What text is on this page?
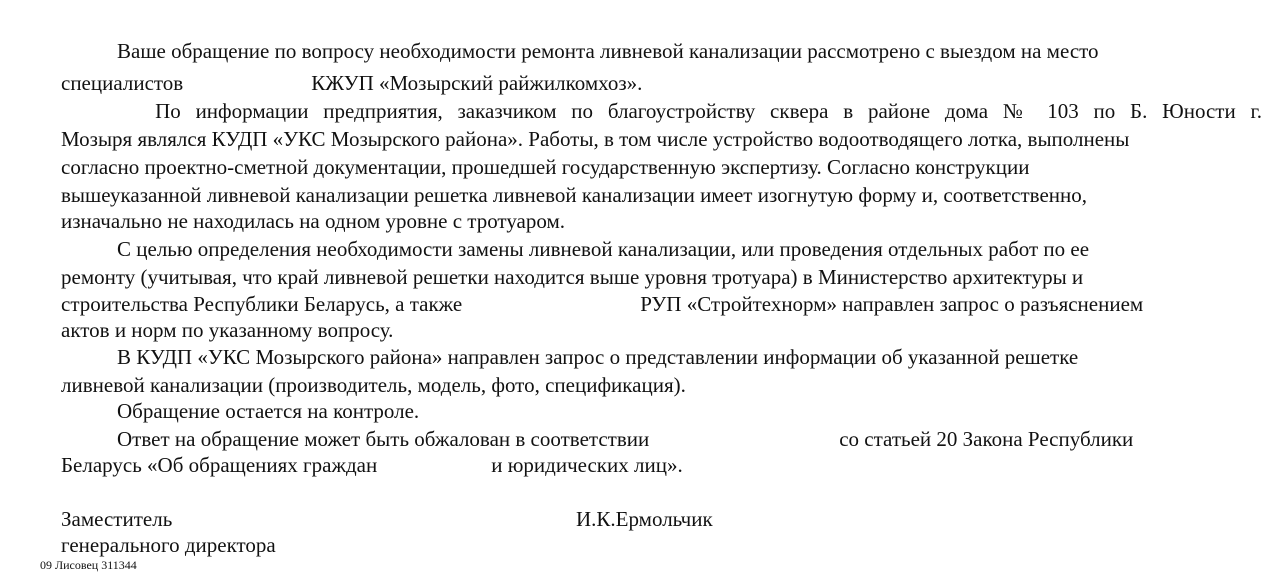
Ваше обращение по вопросу необходимости ремонта ливневой канализации рассмотрено с выездом на место

специалистов	КЖУП «Мозырский райжилкомхоз».

По информации предприятия, заказчиком по благоустройству сквера в районе дома № 103 по Б. Юности г.

Мозыря являлся КУДП «УКС Мозырского района». Работы, в том числе устройство водоотводящего лотка, выполнены

согласно проектно-сметной документации, прошедшей государственную экспертизу. Согласно конструкции

вышеуказанной ливневой канализации решетка ливневой канализации имеет изогнутую форму и, соответственно,

изначально не находилась на одном уровне с тротуаром.

С целью определения необходимости замены ливневой канализации, или проведения отдельных работ по ее

ремонту (учитывая, что край ливневой решетки находится выше уровня тротуара) в Министерство архитектуры и

строительства Республики Беларусь, а также	РУП «Стройтехнорм» направлен запрос о разъяснением

актов и норм по указанному вопросу.

В КУДП «УКС Мозырского района» направлен запрос о представлении информации об указанной решетке

ливневой канализации (производитель, модель, фото, спецификация).

Обращение остается на контроле.

Ответ на обращение может быть обжалован в соответствии	со статьей 20 Закона Республики

Беларусь «Об обращениях граждан	и юридических лиц».

Заместитель

генерального директора

И.К.Ермольчик
09 Лисовец 311344
